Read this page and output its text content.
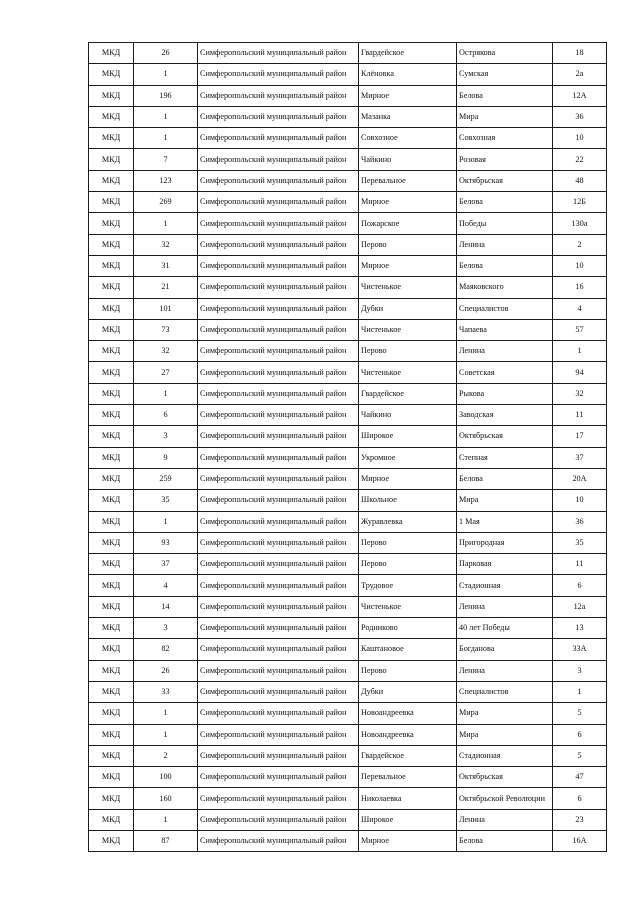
МКД	26	Симферопольский муниципальный район	Гвардейское	Острякова	18
МКД	1	Симферопольский муниципальный район	Клёновка	Сумская	2а
МКД	196	Симферопольский муниципальный район	Мирное	Белова	12А
МКД	1	Симферопольский муниципальный район	Мазанка	Мира	36
МКД	1	Симферопольский муниципальный район	Совхозное	Совхозная	10
МКД	7	Симферопольский муниципальный район	Чайкино	Розовая	22
МКД	123	Симферопольский муниципальный район	Перевальное	Октябрьская	48
МКД	269	Симферопольский муниципальный район	Мирное	Белова	12Б
МКД	1	Симферопольский муниципальный район	Пожарское	Победы	130а
МКД	32	Симферопольский муниципальный район	Перово	Ленина	2
МКД	31	Симферопольский муниципальный район	Мирное	Белова	10
МКД	21	Симферопольский муниципальный район	Чистенькое	Маяковского	16
МКД	101	Симферопольский муниципальный район	Дубки	Специалистов	4
МКД	73	Симферопольский муниципальный район	Чистенькое	Чапаева	57
МКД	32	Симферопольский муниципальный район	Перово	Ленина	1
МКД	27	Симферопольский муниципальный район	Чистенькое	Советская	94
МКД	1	Симферопольский муниципальный район	Гвардейское	Рыкова	32
МКД	6	Симферопольский муниципальный район	Чайкино	Заводская	11
МКД	3	Симферопольский муниципальный район	Широкое	Октябрьская	17
МКД	9	Симферопольский муниципальный район	Укромное	Степная	37
МКД	259	Симферопольский муниципальный район	Мирное	Белова	20А
МКД	35	Симферопольский муниципальный район	Школьное	Мира	10
МКД	1	Симферопольский муниципальный район	Журавлевка	1 Мая	36
МКД	93	Симферопольский муниципальный район	Перово	Пригородная	35
МКД	37	Симферопольский муниципальный район	Перово	Парковая	11
МКД	4	Симферопольский муниципальный район	Трудовое	Стадионная	6
МКД	14	Симферопольский муниципальный район	Чистенькое	Ленина	12а
МКД	3	Симферопольский муниципальный район	Родниково	40 лет Победы	13
МКД	82	Симферопольский муниципальный район	Каштановое	Богданова	33А
МКД	26	Симферопольский муниципальный район	Перово	Ленина	3
МКД	33	Симферопольский муниципальный район	Дубки	Специалистов	1
МКД	1	Симферопольский муниципальный район	Новоандреевка	Мира	5
МКД	1	Симферопольский муниципальный район	Новоандреевка	Мира	6
МКД	2	Симферопольский муниципальный район	Гвардейское	Стадионная	5
МКД	100	Симферопольский муниципальный район	Перевальное	Октябрьская	47
МКД	160	Симферопольский муниципальный район	Николаевка	Октябрьской Революции	6
МКД	1	Симферопольский муниципальный район	Широкое	Ленина	23
МКД	87	Симферопольский муниципальный район	Мирное	Белова	16А
